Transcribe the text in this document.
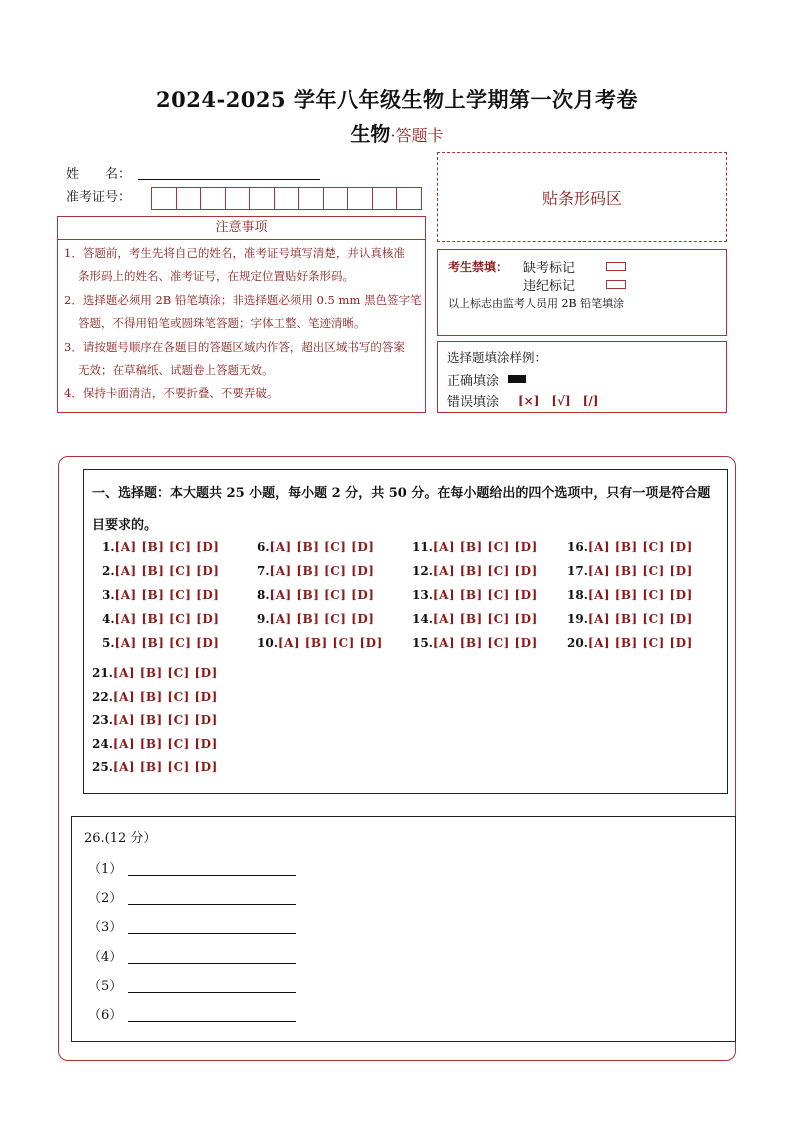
2024-2025 学年八年级生物上学期第一次月考卷
生物·答题卡
姓　　名：
准考证号：	贴条形码区
注意事项
1．答题前，考生先将自己的姓名，准考证号填写清楚，并认真核准
条形码上的姓名、准考证号，在规定位置贴好条形码。
2．选择题必须用 2B 铅笔填涂；非选择题必须用 0.5 mm 黑色签字笔
答题，不得用铅笔或圆珠笔答题；字体工整、笔迹清晰。
3．请按题号顺序在各题目的答题区域内作答，超出区域书写的答案
无效；在草稿纸、试题卷上答题无效。
4．保持卡面清洁，不要折叠、不要弄破。
考生禁填： 缺考标记
违纪标记
以上标志由监考人员用 2B 铅笔填涂
选择题填涂样例：
正确填涂
错误填涂 [×]　[√]　[/]
一、选择题：本大题共 25 小题，每小题 2 分，共 50 分。在每小题给出的四个选项中，只有一项是符合题目要求的。
1.[A] [B] [C] [D]
2.[A] [B] [C] [D]
3.[A] [B] [C] [D]
4.[A] [B] [C] [D]
5.[A] [B] [C] [D]
6.[A] [B] [C] [D]
7.[A] [B] [C] [D]
8.[A] [B] [C] [D]
9.[A] [B] [C] [D]
10.[A] [B] [C] [D]
11.[A] [B] [C] [D]
12.[A] [B] [C] [D]
13.[A] [B] [C] [D]
14.[A] [B] [C] [D]
15.[A] [B] [C] [D]
16.[A] [B] [C] [D]
17.[A] [B] [C] [D]
18.[A] [B] [C] [D]
19.[A] [B] [C] [D]
20.[A] [B] [C] [D]
21.[A] [B] [C] [D]
22.[A] [B] [C] [D]
23.[A] [B] [C] [D]
24.[A] [B] [C] [D]
25.[A] [B] [C] [D]
26.(12 分）
（1）
（2）
（3）
（4）
（5）
（6）
